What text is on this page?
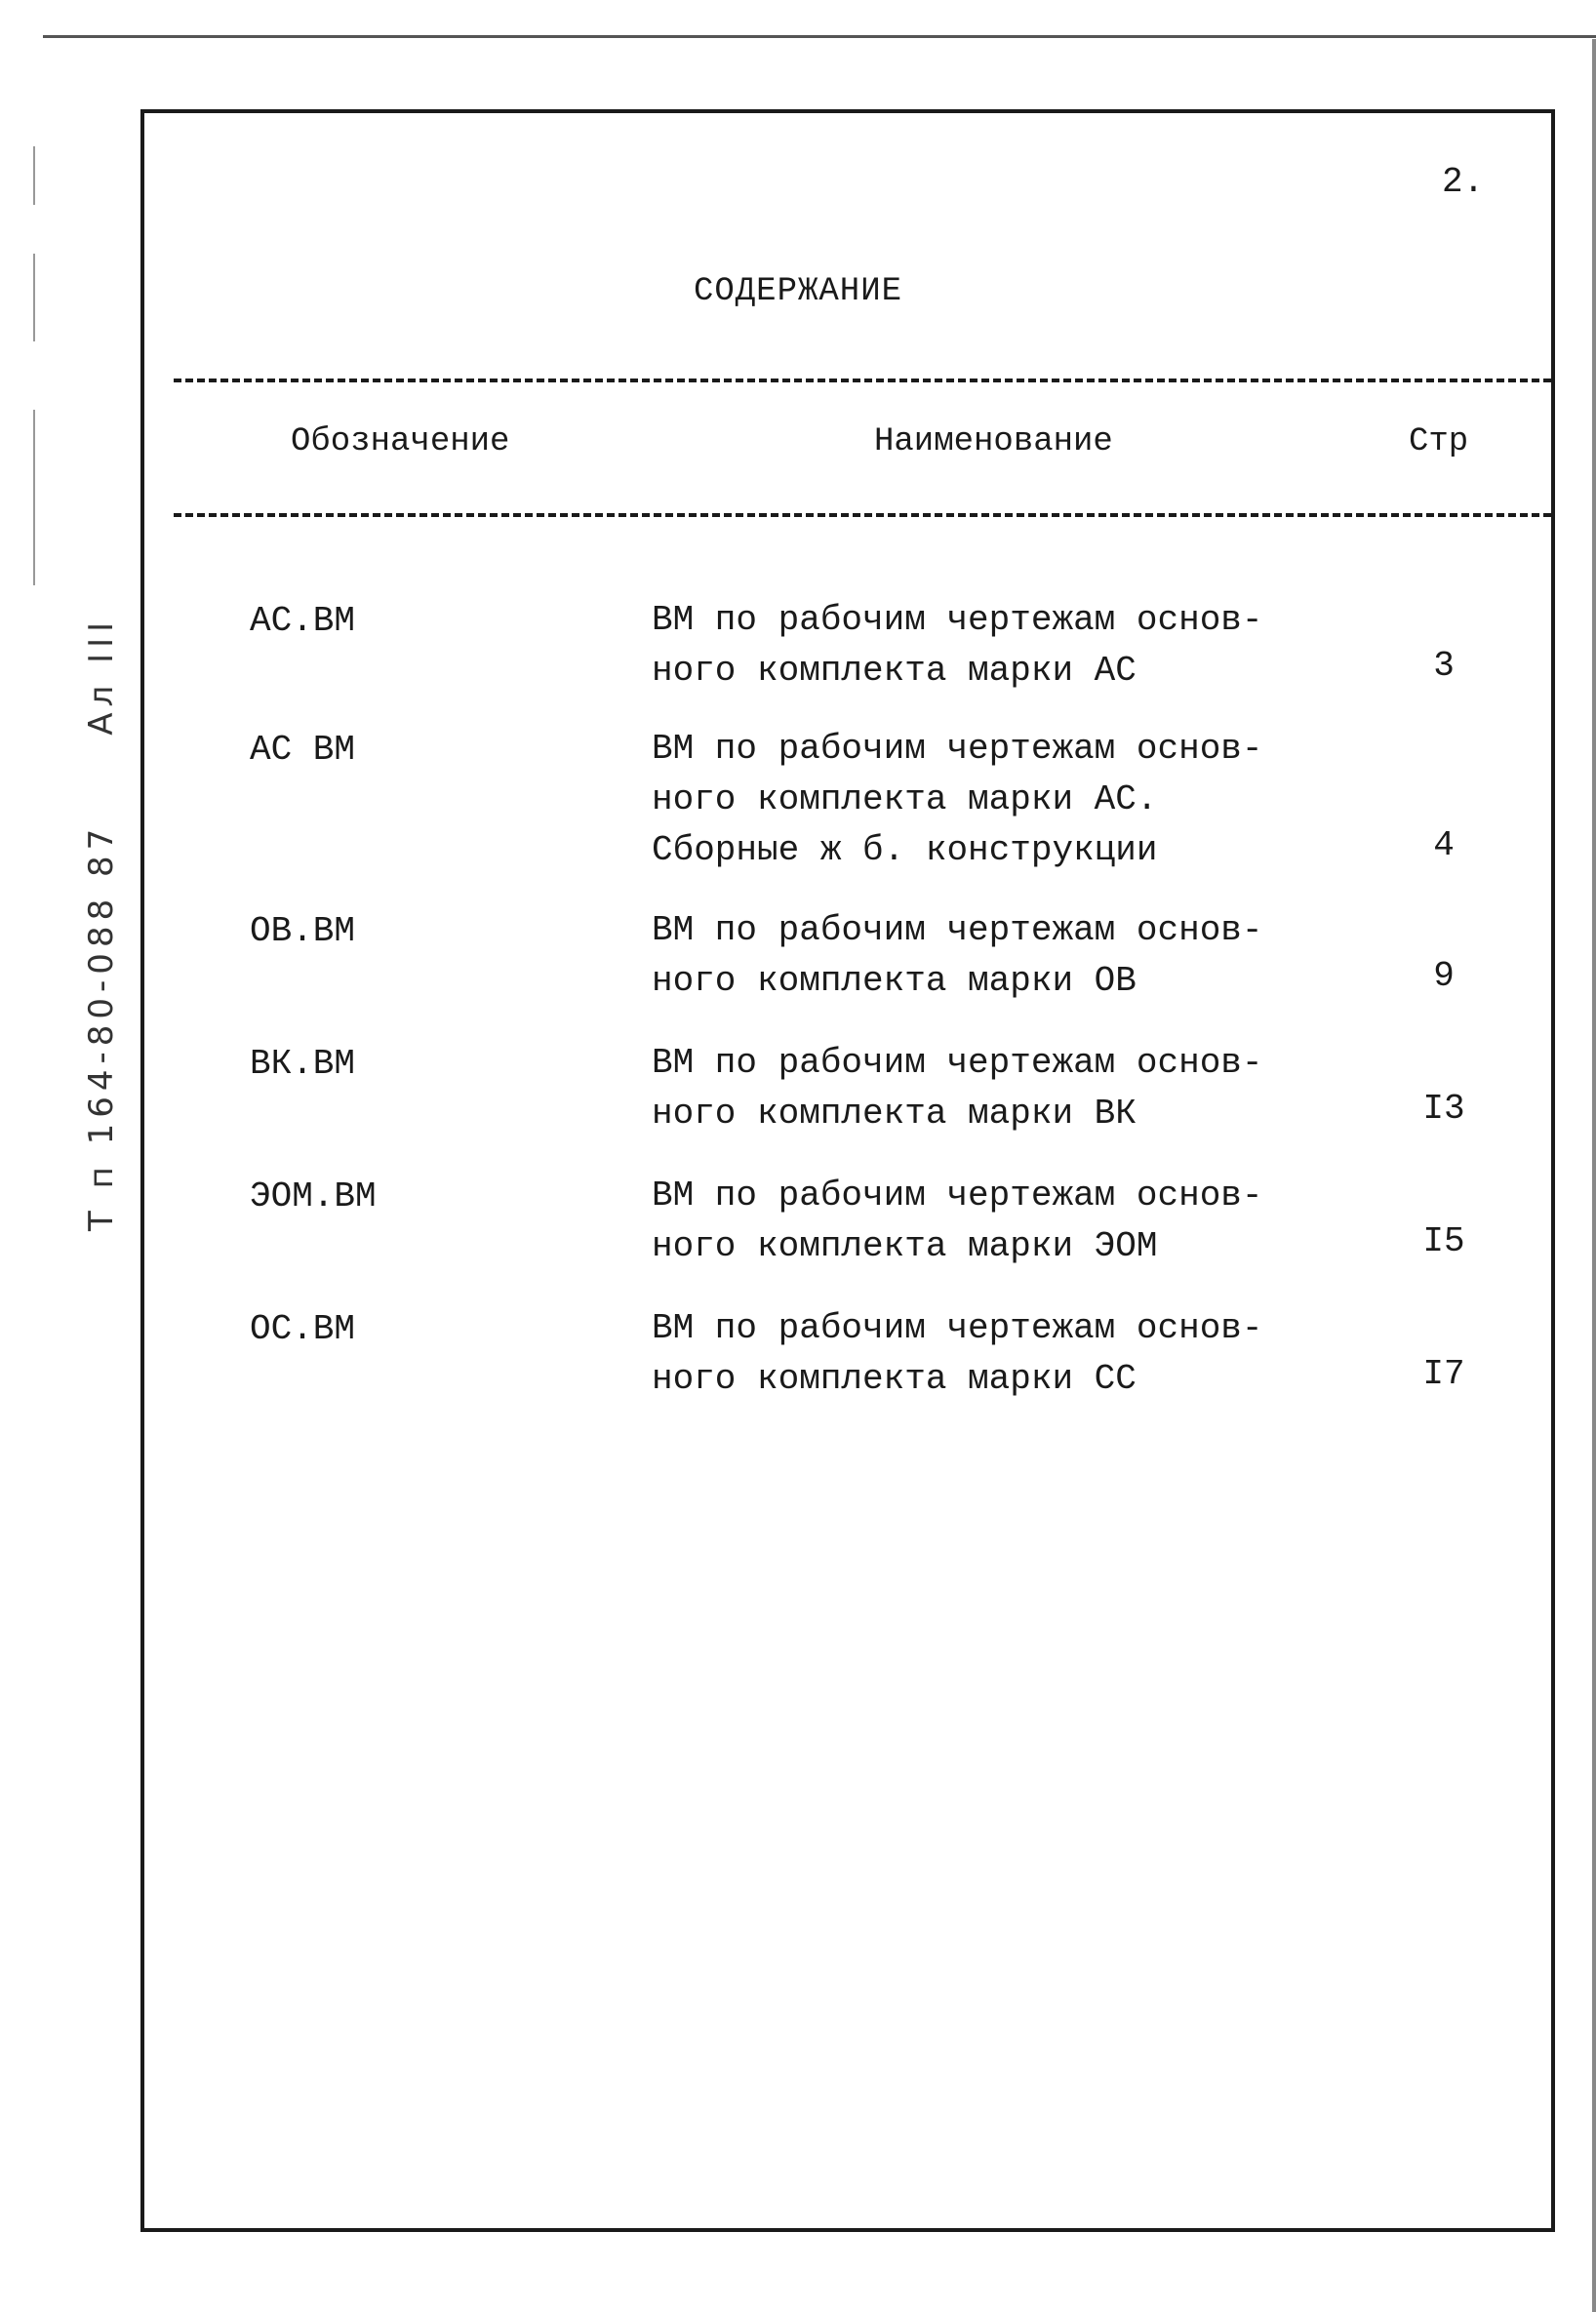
Т п 164-80-088 87Ал III
2.
СОДЕРЖАНИЕ
Обозначение	Наименование	Стр
АС.ВМ	ВМ по рабочим чертежам основ-
ного комплекта марки АС	3
АС ВМ	ВМ по рабочим чертежам основ-
ного комплекта марки АС.
Сборные ж б. конструкции	4
ОВ.ВМ	ВМ по рабочим чертежам основ-
ного комплекта марки ОВ	9
ВК.ВМ	ВМ по рабочим чертежам основ-
ного комплекта марки ВК	I3
ЭОМ.ВМ	ВМ по рабочим чертежам основ-
ного комплекта марки ЭОМ	I5
ОС.ВМ	ВМ по рабочим чертежам основ-
ного комплекта марки СС	I7
